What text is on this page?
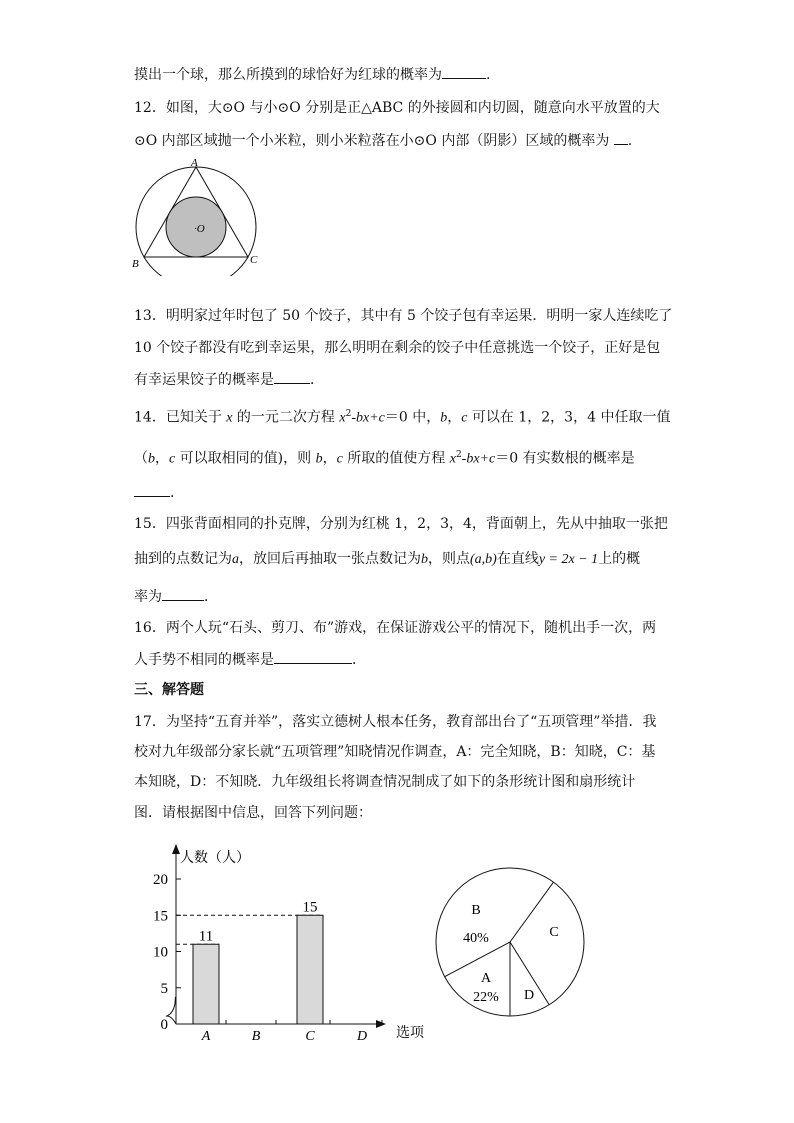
摸出一个球，那么所摸到的球恰好为红球的概率为	.
12．如图，大⊙O 与小⊙O 分别是正△ABC 的外接圆和内切圆，随意向水平放置的大
⊙O 内部区域抛一个小米粒，则小米粒落在小⊙O 内部（阴影）区域的概率为 .
A
B	C
·O
13．明明家过年时包了 50 个饺子，其中有 5 个饺子包有幸运果．明明一家人连续吃了
10 个饺子都没有吃到幸运果，那么明明在剩余的饺子中任意挑选一个饺子，正好是包
有幸运果饺子的概率是	．
14．已知关于 x 的一元二次方程 $x^2-bx+c=0$ 中，b，c 可以在 1，2，3，4 中任取一值
（b，c 可以取相同的值)，则 b，c 所取的值使方程 $x^2-bx+c=0$ 有实数根的概率是
．
15．四张背面相同的扑克牌，分别为红桃 1，2，3，4，背面朝上，先从中抽取一张把
抽到的点数记为a，放回后再抽取一张点数记为b，则点(a,b)在直线y = 2x − 1上的概
率为	．
16．两个人玩“石头、剪刀、布”游戏，在保证游戏公平的情况下，随机出手一次，两
人手势不相同的概率是	．
三、解答题
17．为坚持“五育并举”，落实立德树人根本任务，教育部出台了“五项管理”举措．我
校对九年级部分家长就“五项管理”知晓情况作调查，A：完全知晓，B：知晓，C：基
本知晓，D：不知晓．九年级组长将调查情况制成了如下的条形统计图和扇形统计
图．请根据图中信息，回答下列问题：
人数（人）
选项
0
5
10
15
20
11
A	B
15
C	D
B
40%	C
D
A
22%
